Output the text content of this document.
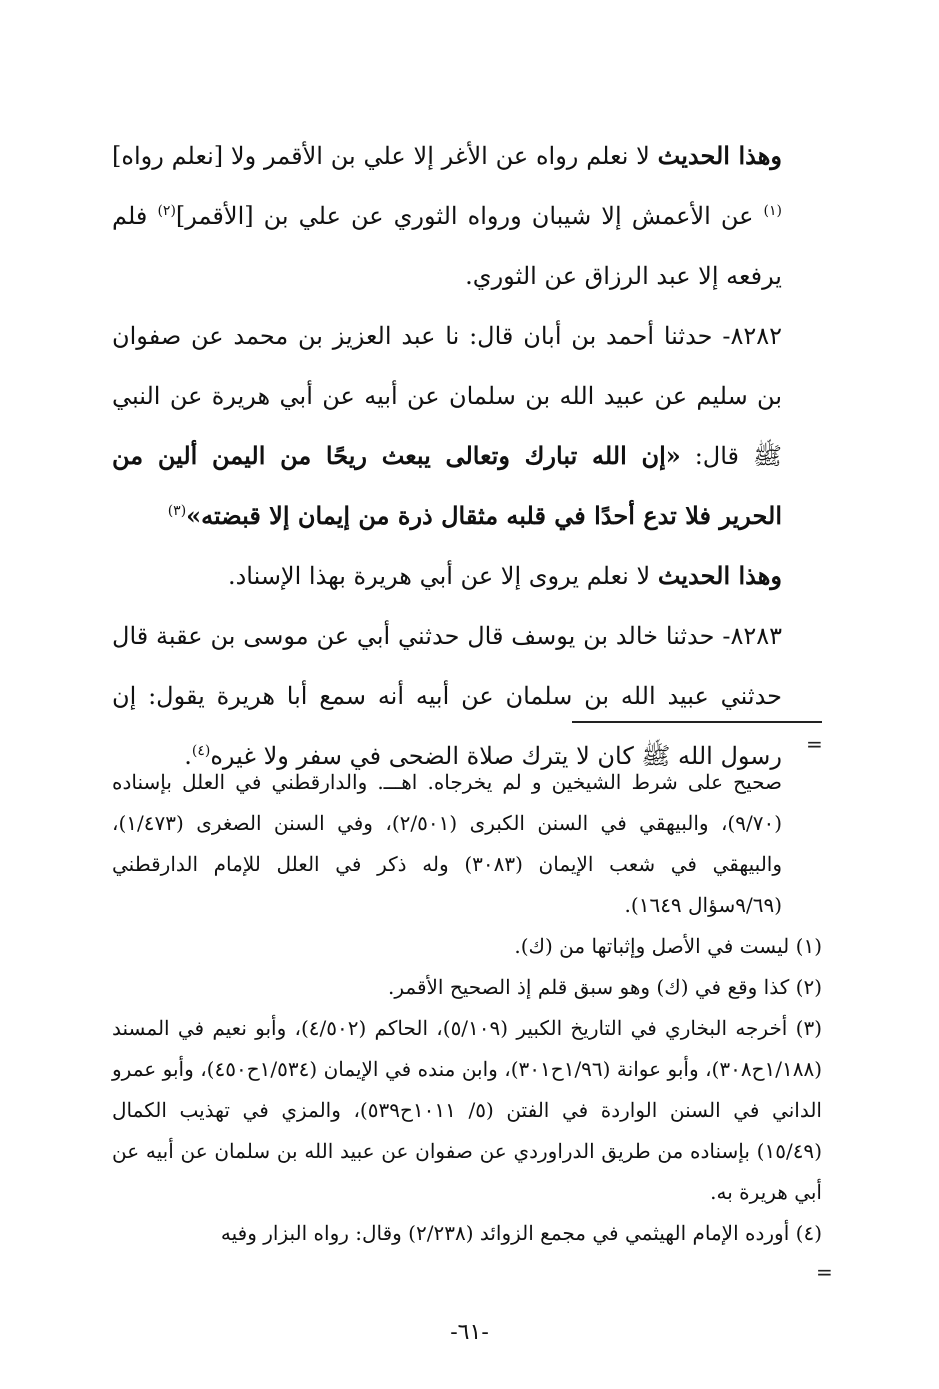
وهذا الحديث لا نعلم رواه عن الأغر إلا علي بن الأقمر ولا [نعلم رواه]$^{(١)}$ عن الأعمش إلا شيبان ورواه الثوري عن علي بن [الأقمر]$^{(٢)}$ فلم يرفعه إلا عبد الرزاق عن الثوري.

٨٢٨٢- حدثنا أحمد بن أبان قال: نا عبد العزيز بن محمد عن صفوان بن سليم عن عبيد الله بن سلمان عن أبيه عن أبي هريرة عن النبي ﷺ قال: «إن الله تبارك وتعالى يبعث ريحًا من اليمن ألين من الحرير فلا تدع أحدًا في قلبه مثقال ذرة من إيمان إلا قبضته»$^{(٣)}$

وهذا الحديث لا نعلم يروى إلا عن أبي هريرة بهذا الإسناد.

٨٢٨٣- حدثنا خالد بن يوسف قال حدثني أبي عن موسى بن عقبة قال حدثني عبيد الله بن سلمان عن أبيه أنه سمع أبا هريرة يقول: إن رسول الله ﷺ كان لا يترك صلاة الضحى في سفر ولا غيره$^{(٤)}$.	=

صحيح على شرط الشيخين و لم يخرجاه. اهـــ. والدارقطني في العلل بإسناده (٩/٧٠)، والبيهقي في السنن الكبرى (٢/٥٠١)، وفي السنن الصغرى (١/٤٧٣)، والبيهقي في شعب الإيمان (٣٠٨٣) وله ذكر في العلل للإمام الدارقطني (٩/٦٩سؤال ١٦٤٩).

(١) ليست في الأصل وإثباتها من (ك).

(٢) كذا وقع في (ك) وهو سبق قلم إذ الصحيح الأقمر.

(٣) أخرجه البخاري في التاريخ الكبير (٥/١٠٩)، الحاكم (٤/٥٠٢)، وأبو نعيم في المسند (١/١٨٨ح٣٠٨)، وأبو عوانة (١/٩٦ح٣٠١)، وابن منده في الإيمان (١/٥٣٤ح٤٥٠)، وأبو عمرو الداني في السنن الواردة في الفتن (٥/ ١٠١١ح٥٣٩)، والمزي في تهذيب الكمال (١٥/٤٩) بإسناده من طريق الدراوردي عن صفوان عن عبيد الله بن سلمان عن أبيه عن أبي هريرة به.

(٤) أورده الإمام الهيثمي في مجمع الزوائد (٢/٢٣٨) وقال: رواه البزار وفيه

=
-٦١-
